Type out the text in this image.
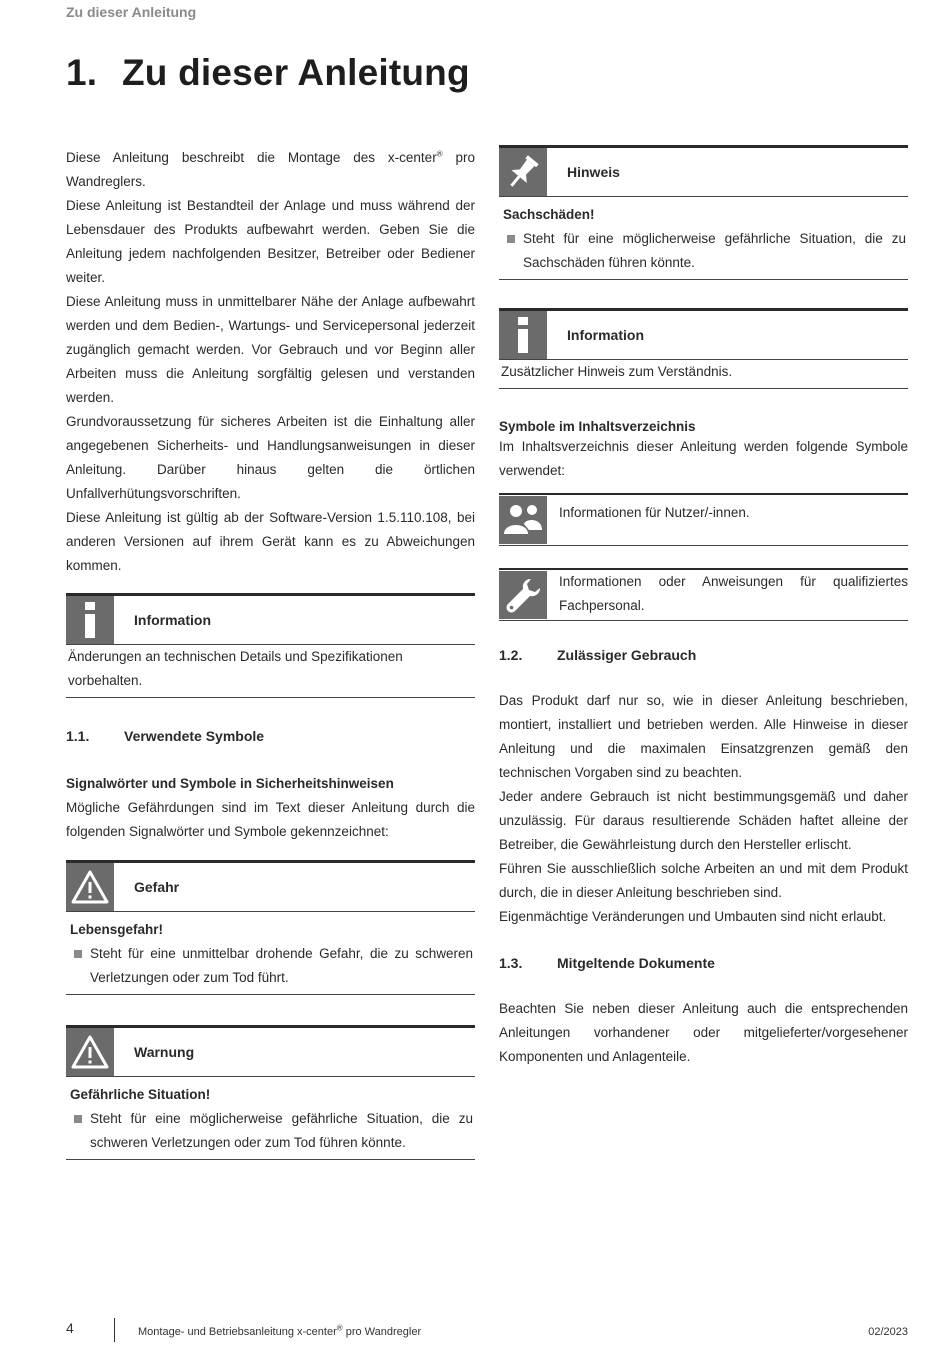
Zu dieser Anleitung
1. Zu dieser Anleitung

Diese Anleitung beschreibt die Montage des x-center® pro Wandreglers.

Diese Anleitung ist Bestandteil der Anlage und muss während der Lebensdauer des Produkts aufbewahrt werden. Geben Sie die Anleitung jedem nachfolgenden Besitzer, Betreiber oder Bediener weiter.

Diese Anleitung muss in unmittelbarer Nähe der Anlage aufbewahrt werden und dem Bedien-, Wartungs- und Servicepersonal jederzeit zugänglich gemacht werden. Vor Gebrauch und vor Beginn aller Arbeiten muss die Anleitung sorgfältig gelesen und verstanden werden.

Grundvoraussetzung für sicheres Arbeiten ist die Einhaltung aller angegebenen Sicherheits- und Handlungsanweisungen in dieser Anleitung. Darüber hinaus gelten die örtlichen Unfallverhütungsvorschriften.

Diese Anleitung ist gültig ab der Software-Version 1.5.110.108, bei anderen Versionen auf ihrem Gerät kann es zu Abweichungen kommen.

Information
Änderungen an technischen Details und Spezifikationen vorbehalten.
1.1.	Verwendete Symbole
Signalwörter und Symbole in Sicherheitshinweisen

Mögliche Gefährdungen sind im Text dieser Anleitung durch die folgenden Signalwörter und Symbole gekennzeichnet:

Gefahr
Lebensgefahr!
Steht für eine unmittelbar drohende Gefahr, die zu schweren Verletzungen oder zum Tod führt.
Warnung
Gefährliche Situation!
Steht für eine möglicherweise gefährliche Situation, die zu schweren Verletzungen oder zum Tod führen könnte.
Hinweis
Sachschäden!
Steht für eine möglicherweise gefährliche Situation, die zu Sachschäden führen könnte.
Information
Zusätzlicher Hinweis zum Verständnis.
Symbole im Inhaltsverzeichnis

Im Inhaltsverzeichnis dieser Anleitung werden folgende Symbole verwendet:

Informationen für Nutzer/-innen.
Informationen oder Anweisungen für qualifiziertes Fachpersonal.
1.2.	Zulässiger Gebrauch

Das Produkt darf nur so, wie in dieser Anleitung beschrieben, montiert, installiert und betrieben werden. Alle Hinweise in dieser Anleitung und die maximalen Einsatzgrenzen gemäß den technischen Vorgaben sind zu beachten.

Jeder andere Gebrauch ist nicht bestimmungsgemäß und daher unzulässig. Für daraus resultierende Schäden haftet alleine der Betreiber, die Gewährleistung durch den Hersteller erlischt.

Führen Sie ausschließlich solche Arbeiten an und mit dem Produkt durch, die in dieser Anleitung beschrieben sind.

Eigenmächtige Veränderungen und Umbauten sind nicht erlaubt.

1.3.	Mitgeltende Dokumente

Beachten Sie neben dieser Anleitung auch die entsprechenden Anleitungen vorhandener oder mitgelieferter/vorgesehener Komponenten und Anlagenteile.

4	Montage- und Betriebsanleitung x-center® pro Wandregler	02/2023
